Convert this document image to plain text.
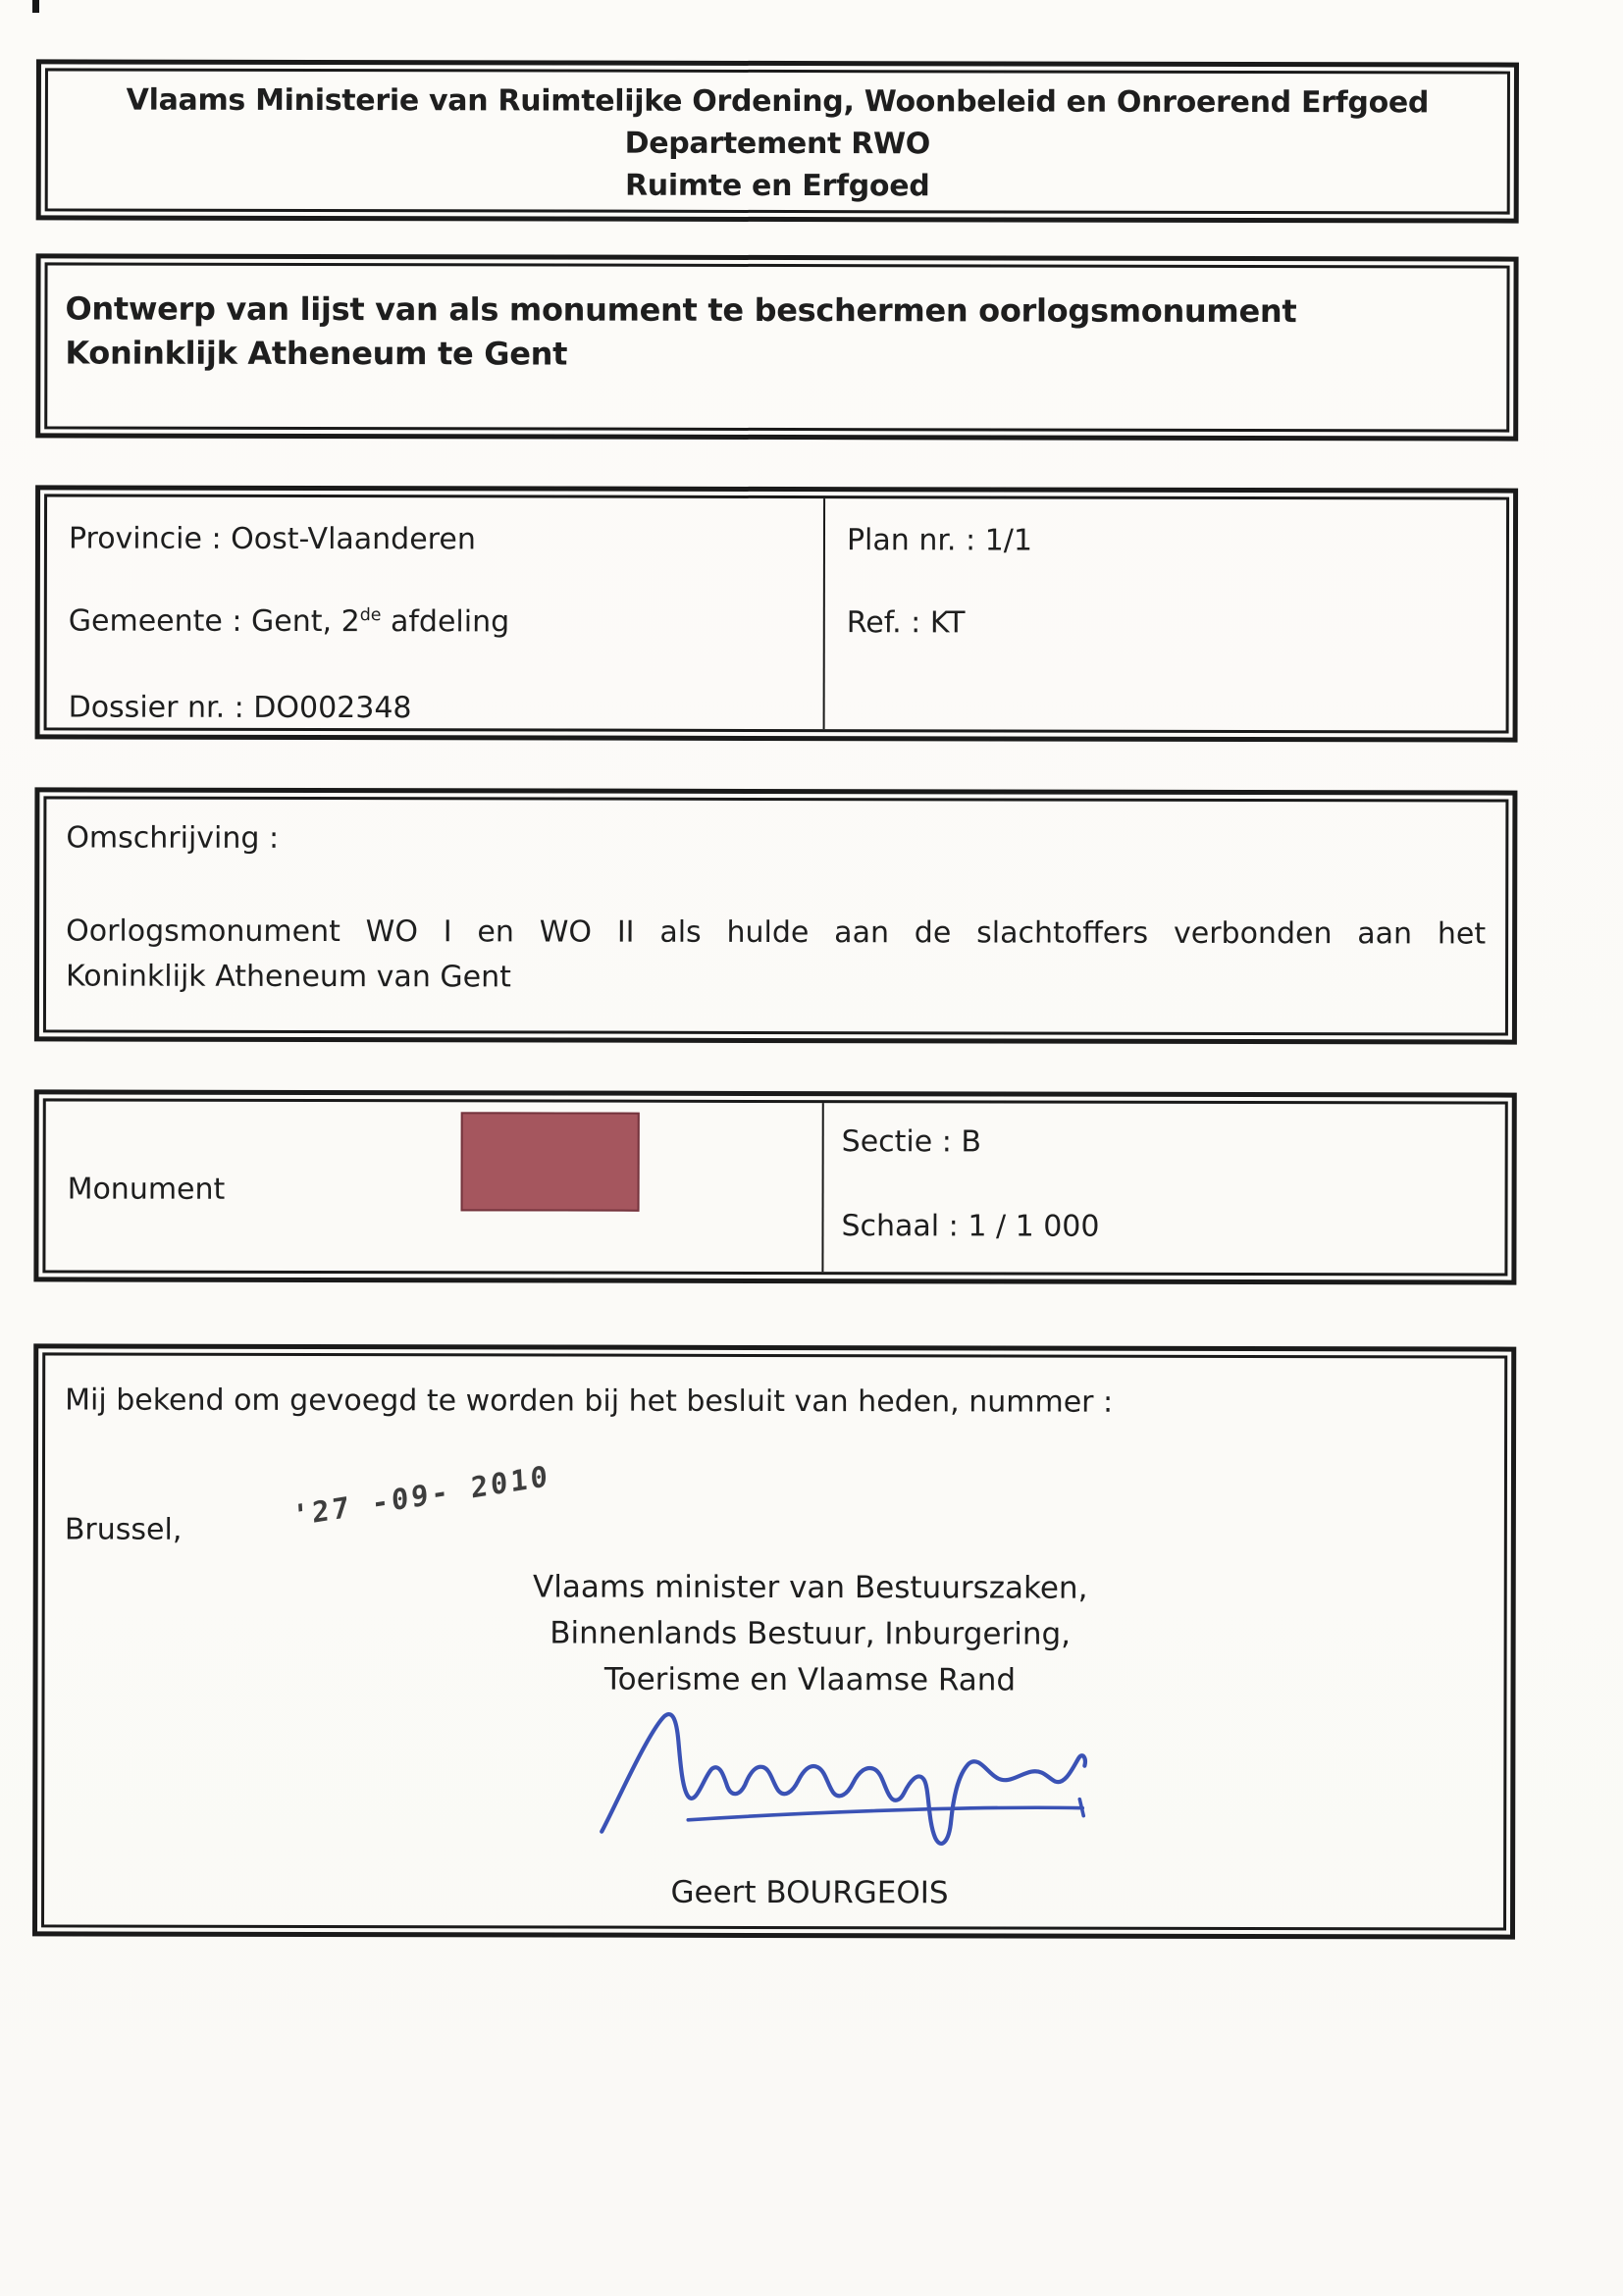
Vlaams Ministerie van Ruimtelijke Ordening, Woonbeleid en Onroerend Erfgoed
Departement RWO
Ruimte en Erfgoed
Ontwerp van lijst van als monument te beschermen oorlogsmonument
Koninklijk Atheneum te Gent
Provincie : Oost-Vlaanderen
Gemeente : Gent, 2de afdeling
Dossier nr. : DO002348
Plan nr. : 1/1
Ref. : KT
Omschrijving :
Oorlogsmonument WO I en WO II als hulde aan de slachtoffers verbonden aan het
Koninklijk Atheneum van Gent
Monument
Sectie : B
Schaal : 1 / 1 000
Mij bekend om gevoegd te worden bij het besluit van heden, nummer :
Brussel,	'27 -09- 2010
Vlaams minister van Bestuurszaken,
Binnenlands Bestuur, Inburgering,
Toerisme en Vlaamse Rand
Geert BOURGEOIS
